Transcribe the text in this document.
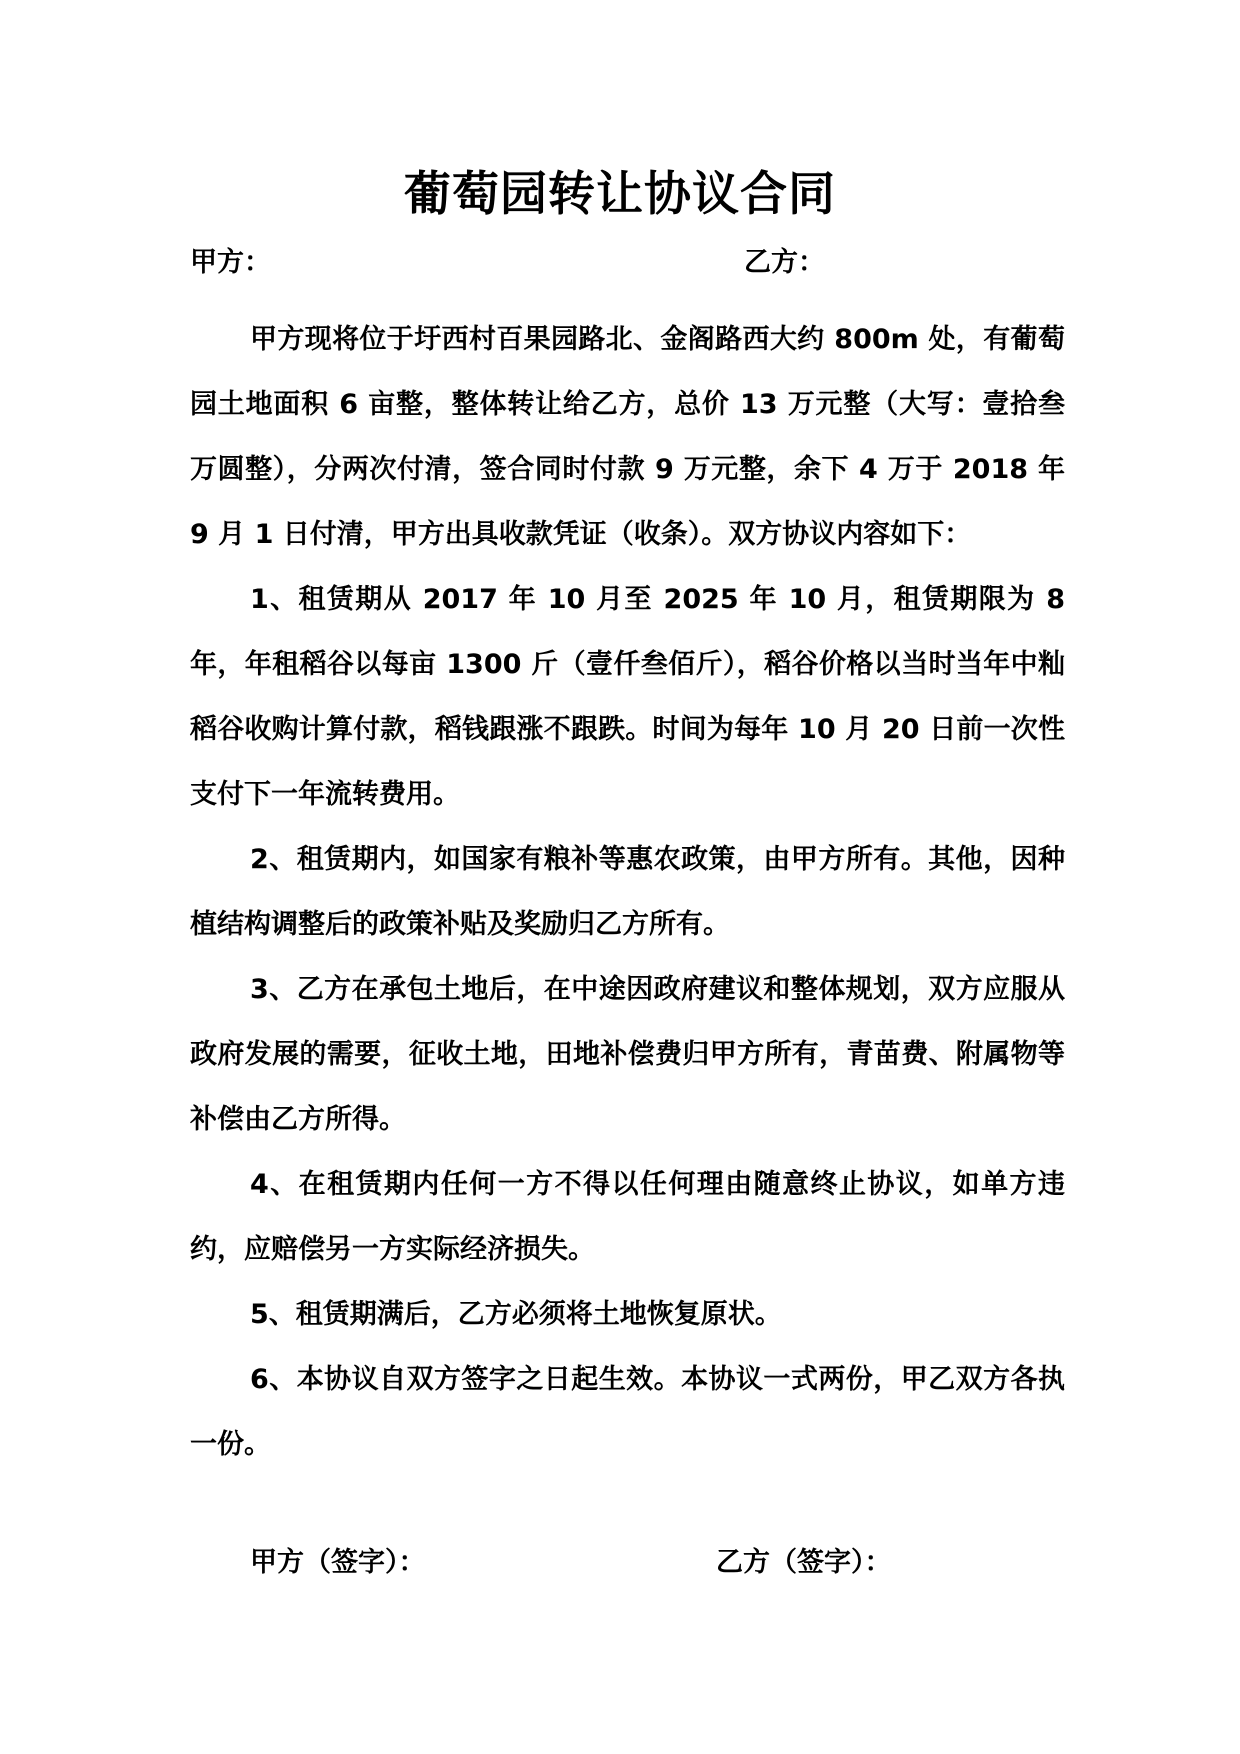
葡萄园转让协议合同
甲方：	乙方：

甲方现将位于圩西村百果园路北、金阁路西大约 800m 处，有葡萄园土地面积 6 亩整，整体转让给乙方，总价 13 万元整（大写：壹拾叁万圆整），分两次付清，签合同时付款 9 万元整，余下 4 万于 2018 年 9 月 1 日付清，甲方出具收款凭证（收条）。双方协议内容如下：

1、租赁期从 2017 年 10 月至 2025 年 10 月，租赁期限为 8 年，年租稻谷以每亩 1300 斤（壹仟叁佰斤），稻谷价格以当时当年中籼稻谷收购计算付款，稻钱跟涨不跟跌。时间为每年 10 月 20 日前一次性支付下一年流转费用。

2、租赁期内，如国家有粮补等惠农政策，由甲方所有。其他，因种植结构调整后的政策补贴及奖励归乙方所有。

3、乙方在承包土地后，在中途因政府建议和整体规划，双方应服从政府发展的需要，征收土地，田地补偿费归甲方所有，青苗费、附属物等补偿由乙方所得。

4、在租赁期内任何一方不得以任何理由随意终止协议，如单方违约，应赔偿另一方实际经济损失。

5、租赁期满后，乙方必须将土地恢复原状。

6、本协议自双方签字之日起生效。本协议一式两份，甲乙双方各执一份。

甲方（签字）：	乙方（签字）：
